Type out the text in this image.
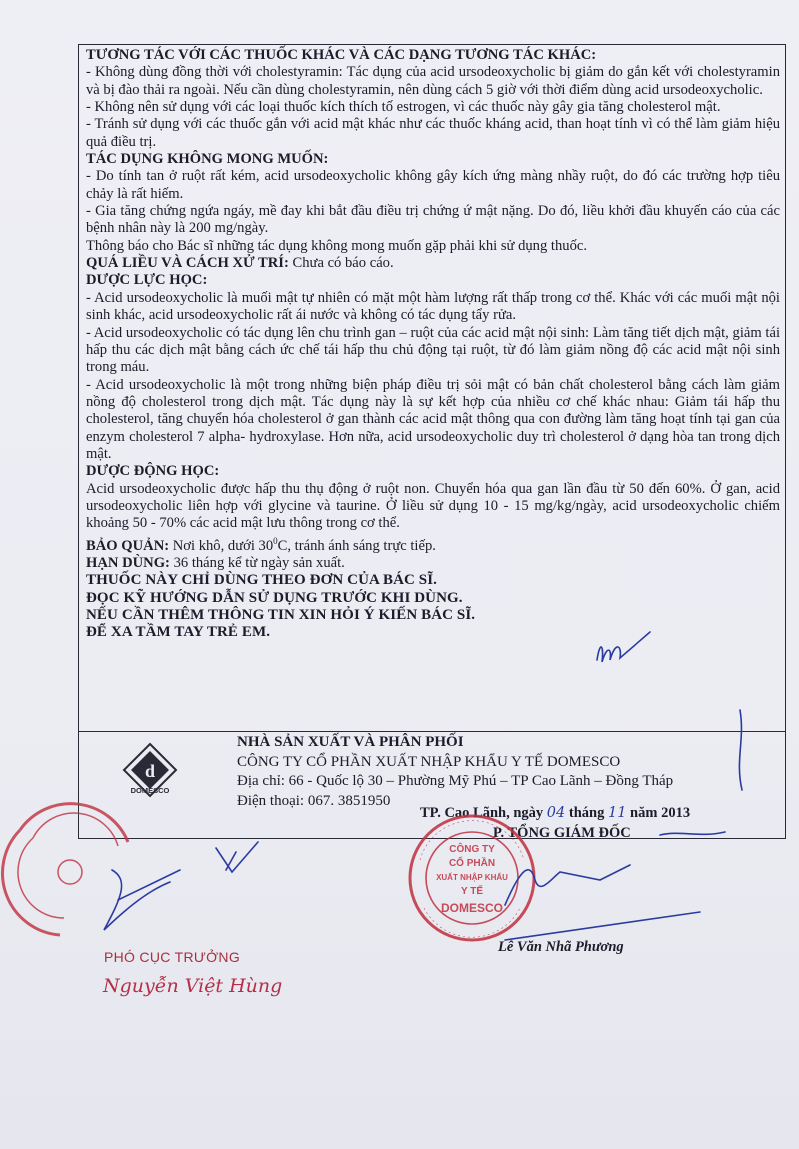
TƯƠNG TÁC VỚI CÁC THUỐC KHÁC VÀ CÁC DẠNG TƯƠNG TÁC KHÁC:

- Không dùng đồng thời với cholestyramin: Tác dụng của acid ursodeoxycholic bị giảm do gắn kết với cholestyramin và bị đào thải ra ngoài. Nếu cần dùng cholestyramin, nên dùng cách 5 giờ với thời điểm dùng acid ursodeoxycholic.

- Không nên sử dụng với các loại thuốc kích thích tố estrogen, vì các thuốc này gây gia tăng cholesterol mật.

- Tránh sử dụng với các thuốc gắn với acid mật khác như các thuốc kháng acid, than hoạt tính vì có thể làm giảm hiệu quả điều trị.

TÁC DỤNG KHÔNG MONG MUỐN:

- Do tính tan ở ruột rất kém, acid ursodeoxycholic không gây kích ứng màng nhầy ruột, do đó các trường hợp tiêu chảy là rất hiếm.

- Gia tăng chứng ngứa ngáy, mề đay khi bắt đầu điều trị chứng ứ mật nặng. Do đó, liều khởi đầu khuyến cáo của các bệnh nhân này là 200 mg/ngày.

Thông báo cho Bác sĩ những tác dụng không mong muốn gặp phải khi sử dụng thuốc.

QUÁ LIỀU VÀ CÁCH XỬ TRÍ: Chưa có báo cáo.

DƯỢC LỰC HỌC:

- Acid ursodeoxycholic là muối mật tự nhiên có mặt một hàm lượng rất thấp trong cơ thể. Khác với các muối mật nội sinh khác, acid ursodeoxycholic rất ái nước và không có tác dụng tẩy rửa.

- Acid ursodeoxycholic có tác dụng lên chu trình gan – ruột của các acid mật nội sinh: Làm tăng tiết dịch mật, giảm tái hấp thu các dịch mật bằng cách ức chế tái hấp thu chủ động tại ruột, từ đó làm giảm nồng độ các acid mật nội sinh trong máu.

- Acid ursodeoxycholic là một trong những biện pháp điều trị sỏi mật có bản chất cholesterol bằng cách làm giảm nồng độ cholesterol trong dịch mật. Tác dụng này là sự kết hợp của nhiều cơ chế khác nhau: Giảm tái hấp thu cholesterol, tăng chuyển hóa cholesterol ở gan thành các acid mật thông qua con đường làm tăng hoạt tính tại gan của enzym cholesterol 7 alpha- hydroxylase. Hơn nữa, acid ursodeoxycholic duy trì cholesterol ở dạng hòa tan trong dịch mật.

DƯỢC ĐỘNG HỌC:

Acid ursodeoxycholic được hấp thu thụ động ở ruột non. Chuyển hóa qua gan lần đầu từ 50 đến 60%. Ở gan, acid ursodeoxycholic liên hợp với glycine và taurine. Ở liều sử dụng 10 - 15 mg/kg/ngày, acid ursodeoxycholic chiếm khoảng 50 - 70% các acid mật lưu thông trong cơ thể.

BẢO QUẢN: Nơi khô, dưới $30^0C$, tránh ánh sáng trực tiếp.

HẠN DÙNG: 36 tháng kể từ ngày sản xuất.

THUỐC NÀY CHỈ DÙNG THEO ĐƠN CỦA BÁC SĨ.

ĐỌC KỸ HƯỚNG DẪN SỬ DỤNG TRƯỚC KHI DÙNG.

NẾU CẦN THÊM THÔNG TIN XIN HỎI Ý KIẾN BÁC SĨ.

ĐỂ XA TẦM TAY TRẺ EM.

d
DOMESCO
NHÀ SẢN XUẤT VÀ PHÂN PHỐI
CÔNG TY CỔ PHẦN XUẤT NHẬP KHẨU Y TẾ DOMESCO
Địa chỉ: 66 - Quốc lộ 30 – Phường Mỹ Phú – TP Cao Lãnh – Đồng Tháp
Điện thoại: 067. 3851950
TP. Cao Lãnh, ngày 04 tháng 11 năm 2013
P. TỔNG GIÁM ĐỐC
Lê Văn Nhã Phương
PHÓ CỤC TRƯỞNG
Nguyễn Việt Hùng
CÔNG TY
CỔ PHẦN
XUẤT NHẬP KHẨU
Y TẾ
DOMESCO
